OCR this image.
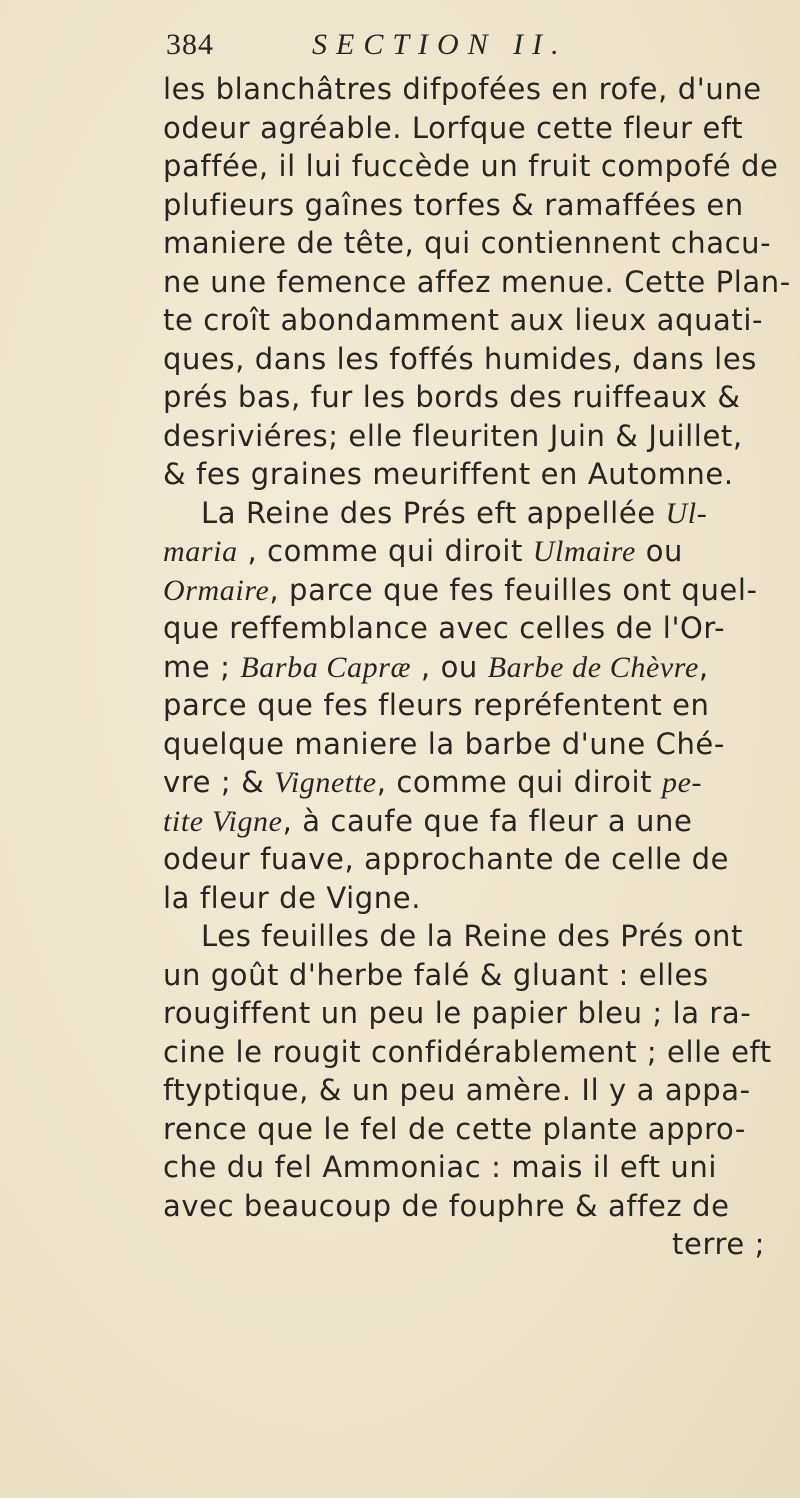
384	SECTION II.
les blanchâtres difpofées en rofe, d'une
odeur agréable. Lorfque cette fleur eft
paffée, il lui fuccède un fruit compofé de
plufieurs gaînes torfes & ramaffées en
maniere de tête, qui contiennent chacu-
ne une femence affez menue. Cette Plan-
te croît abondamment aux lieux aquati-
ques, dans les foffés humides, dans les
prés bas, fur les bords des ruiffeaux &
desriviéres; elle fleuriten Juin & Juillet,
& fes graines meuriffent en Automne.
La Reine des Prés eft appellée Ul-
maria , comme qui diroit Ulmaire ou
Ormaire, parce que fes feuilles ont quel-
que reffemblance avec celles de l'Or-
me ; Barba Capræ , ou Barbe de Chèvre,
parce que fes fleurs repréfentent en
quelque maniere la barbe d'une Ché-
vre ; & Vignette, comme qui diroit pe-
tite Vigne, à caufe que fa fleur a une
odeur fuave, approchante de celle de
la fleur de Vigne.
Les feuilles de la Reine des Prés ont
un goût d'herbe falé & gluant : elles
rougiffent un peu le papier bleu ; la ra-
cine le rougit confidérablement ; elle eft
ftyptique, & un peu amère. Il y a appa-
rence que le fel de cette plante appro-
che du fel Ammoniac : mais il eft uni
avec beaucoup de fouphre & affez de
terre ;
